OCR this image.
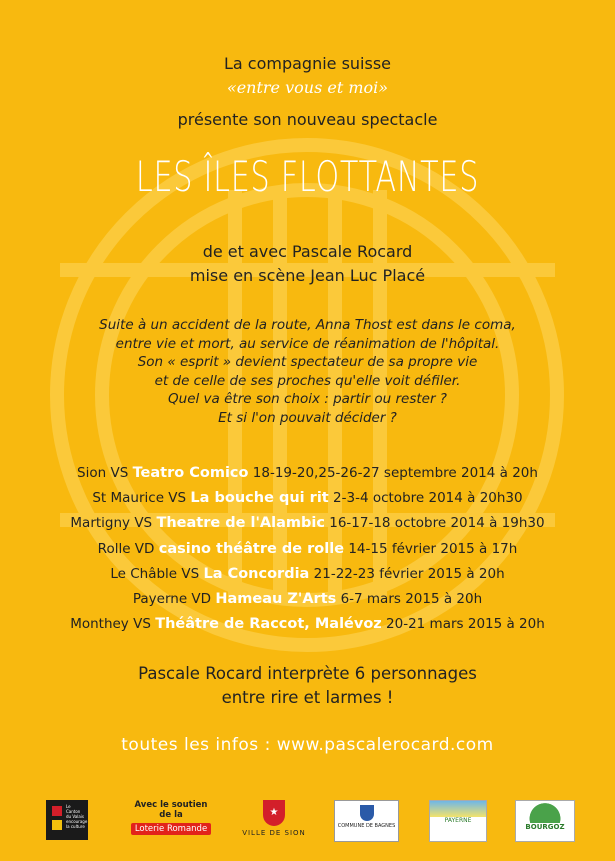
La compagnie suisse
«entre vous et moi»
présente son nouveau spectacle
LES ÎLES FLOTTANTES
de et avec Pascale Rocard
mise en scène Jean Luc Placé
Suite à un accident de la route, Anna Thost est dans le coma,
entre vie et mort, au service de réanimation de l'hôpital.
Son « esprit » devient spectateur de sa propre vie
et de celle de ses proches qu'elle voit défiler.
Quel va être son choix : partir ou rester ?
Et si l'on pouvait décider ?
Sion VS Teatro Comico 18-19-20,25-26-27 septembre 2014 à 20h
St Maurice VS La bouche qui rit 2-3-4 octobre 2014 à 20h30
Martigny VS Theatre de l'Alambic 16-17-18 octobre 2014 à 19h30
Rolle VD casino théâtre de rolle 14-15 février 2015 à 17h
Le Châble VS La Concordia 21-22-23 février 2015 à 20h
Payerne VD Hameau Z'Arts 6-7 mars 2015 à 20h
Monthey VS Théâtre de Raccot, Malévoz 20-21 mars 2015 à 20h
Pascale Rocard interprète 6 personnages
entre rire et larmes !
toutes les infos : www.pascalerocard.com
Le Canton du Valais encourage la culture
Avec le soutien de la
Loterie Romande
★
VILLE DE SION
COMMUNE DE BAGNES
PAYERNE
BOURGOZ
